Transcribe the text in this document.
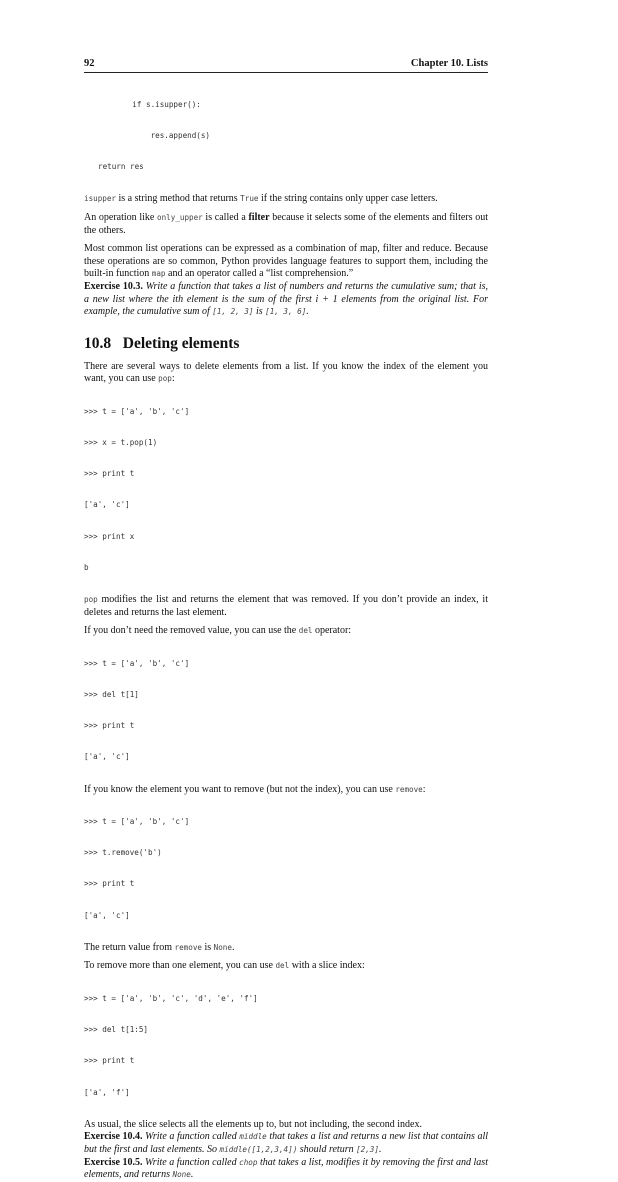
92	Chapter 10. Lists

if s.isupper():

res.append(s)

return res

isupper is a string method that returns True if the string contains only upper case letters.

An operation like only_upper is called a filter because it selects some of the elements and filters out the others.

Most common list operations can be expressed as a combination of map, filter and reduce. Because these operations are so common, Python provides language features to support them, including the built-in function map and an operator called a “list comprehension.”

Exercise 10.3. Write a function that takes a list of numbers and returns the cumulative sum; that is, a new list where the ith element is the sum of the first i + 1 elements from the original list. For example, the cumulative sum of [1, 2, 3] is [1, 3, 6].

10.8 Deleting elements

There are several ways to delete elements from a list. If you know the index of the element you want, you can use pop:

>>> t = ['a', 'b', 'c']

>>> x = t.pop(1)

>>> print t

['a', 'c']

>>> print x

b

pop modifies the list and returns the element that was removed. If you don’t provide an index, it deletes and returns the last element.

If you don’t need the removed value, you can use the del operator:

>>> t = ['a', 'b', 'c']

>>> del t[1]

>>> print t

['a', 'c']

If you know the element you want to remove (but not the index), you can use remove:

>>> t = ['a', 'b', 'c']

>>> t.remove('b')

>>> print t

['a', 'c']

The return value from remove is None.

To remove more than one element, you can use del with a slice index:

>>> t = ['a', 'b', 'c', 'd', 'e', 'f']

>>> del t[1:5]

>>> print t

['a', 'f']

As usual, the slice selects all the elements up to, but not including, the second index.

Exercise 10.4. Write a function called middle that takes a list and returns a new list that contains all but the first and last elements. So middle([1,2,3,4]) should return [2,3].

Exercise 10.5. Write a function called chop that takes a list, modifies it by removing the first and last elements, and returns None.
